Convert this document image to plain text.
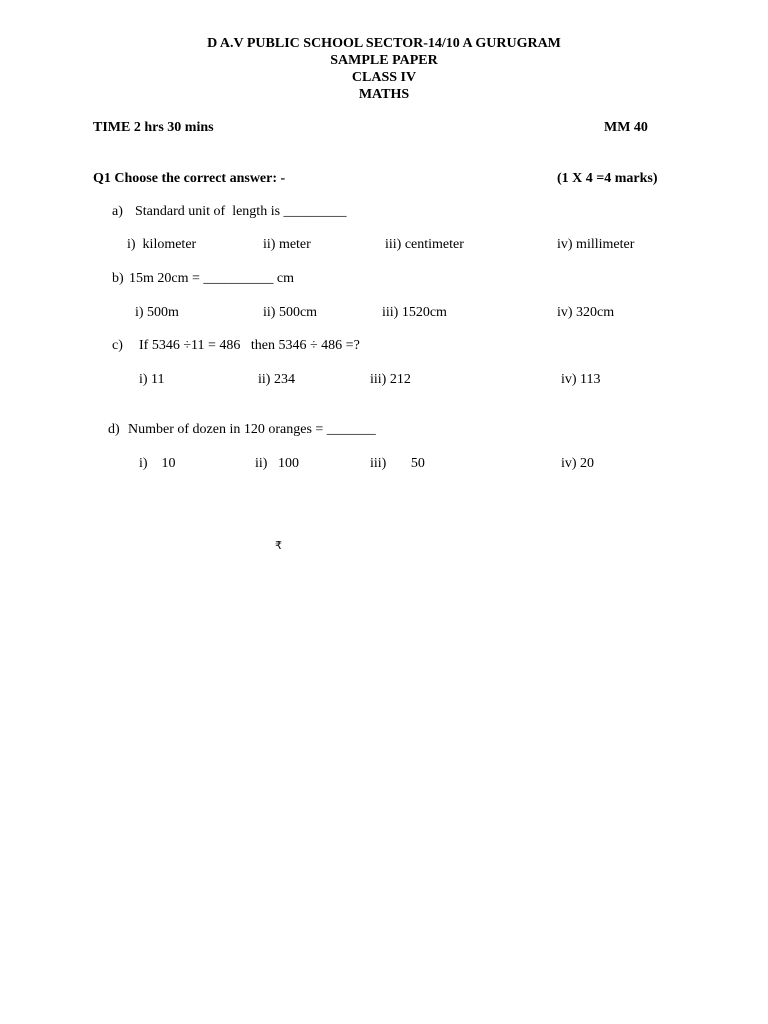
D A.V PUBLIC SCHOOL SECTOR-14/10 A GURUGRAM
SAMPLE PAPER
CLASS IV
MATHS
TIME 2 hrs 30 mins	MM 40
Q1 Choose the correct answer: -	(1 X 4 =4 marks)
a) Standard unit of  length is _________
i)  kilometer	ii) meter	iii) centimeter	iv) millimeter
b) 15m 20cm = __________ cm
i) 500m	ii) 500cm	iii) 1520cm	iv) 320cm
c) If 5346 ÷11 = 486   then 5346 ÷ 486 =?
i) 11	ii) 234	iii) 212	iv) 113
d) Number of dozen in 120 oranges = _______
i)    10	ii)   100	iii)       50	iv) 20
₹
